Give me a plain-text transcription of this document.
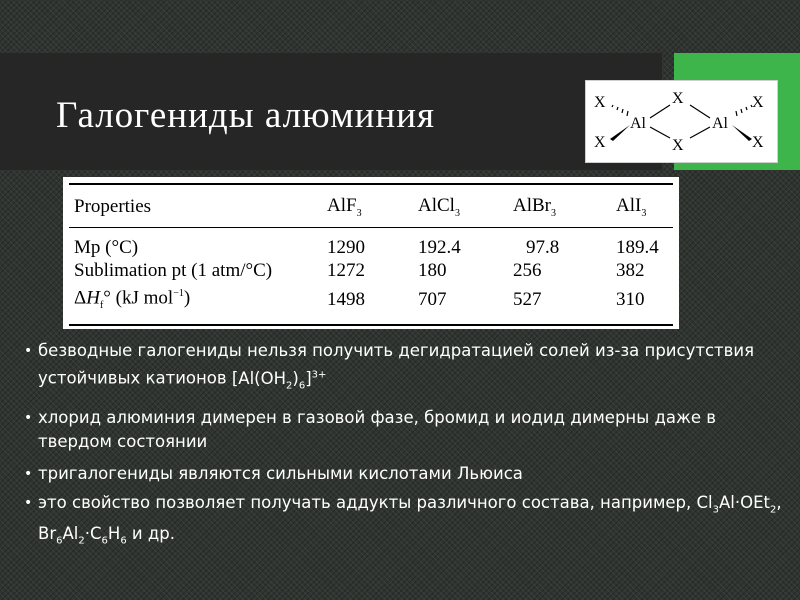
Галогениды алюминия	X
X
X
X
X
X
Al	Al
Properties	AlF$_3$	AlCl$_3$	AlBr$_3$	AlI$_3$
Mp (°C)	1290	192.4	97.8	189.4
Sublimation pt (1 atm/°C)	1272	180	256	382
$\Delta H_f^\circ$ (kJ mol$^{-1}$)	1498	707	527	310
• безводные галогениды нельзя получить дегидратацией солей из-за присутствия устойчивых катионов $[Al(OH_2)_6]^{3+}$
• хлорид алюминия димерен в газовой фазе, бромид и иодид димерны даже в твердом состоянии
• тригалогениды являются сильными кислотами Льюиса
• это свойство позволяет получать аддукты различного состава, например, $Cl_3Al\cdot OEt_2$, $Br_6Al_2\cdot C_6H_6$ и др.
